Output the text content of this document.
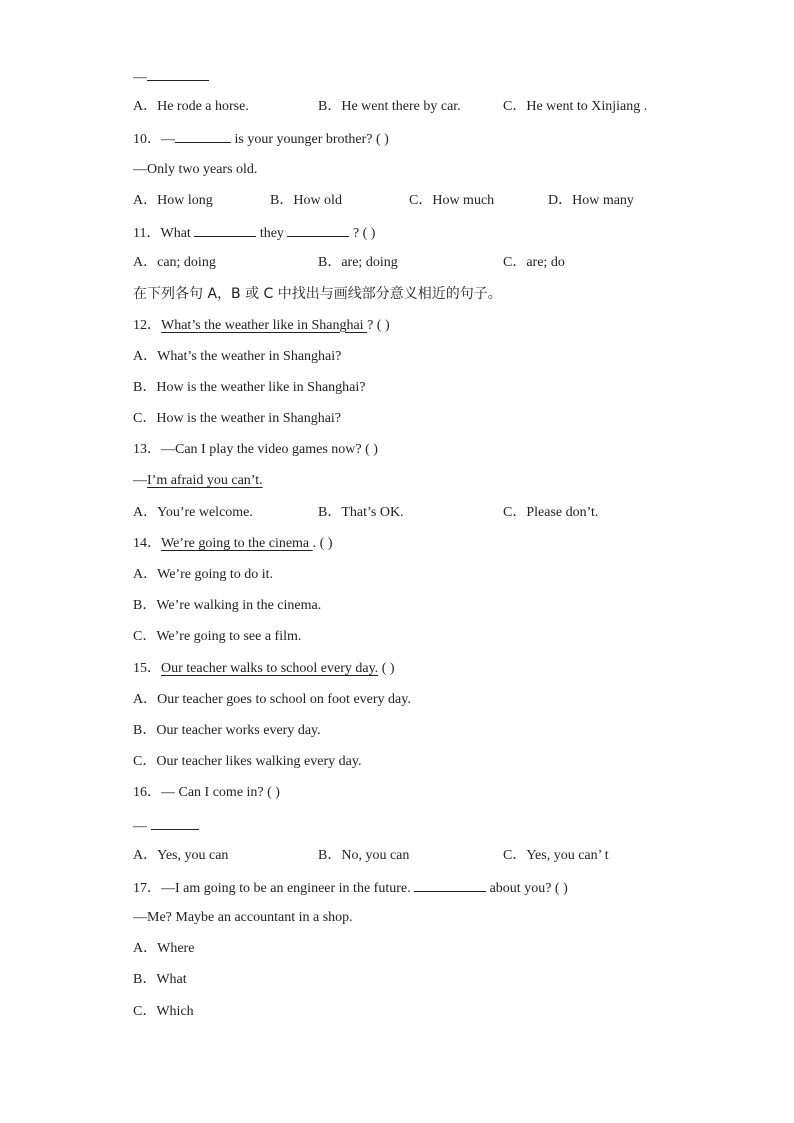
—
A．He rode a horse.	B．He went there by car.	C．He went to Xinjiang .
10．—	is your younger brother? ( )
—Only two years old.
A．How long	B．How old	C．How much	D．How many
11．What	they	? ( )
A．can; doing	B．are; doing	C．are; do
在下列各句 A，B 或 C 中找出与画线部分意义相近的句子。
12．What’s the weather like in Shanghai ? ( )
A．What’s the weather in Shanghai?
B．How is the weather like in Shanghai?
C．How is the weather in Shanghai?
13．—Can I play the video games now? ( )
—I’m afraid you can’t.
A．You’re welcome.	B．That’s OK.	C．Please don’t.
14．We’re going to the cinema . ( )
A．We’re going to do it.
B．We’re walking in the cinema.
C．We’re going to see a film.
15．Our teacher walks to school every day. ( )
A．Our teacher goes to school on foot every day.
B．Our teacher works every day.
C．Our teacher likes walking every day.
16．— Can I come in? ( )
—
A．Yes, you can	B．No, you can	C．Yes, you can’ t
17．—I am going to be an engineer in the future.	about you? ( )
—Me? Maybe an accountant in a shop.
A．Where
B．What
C．Which
